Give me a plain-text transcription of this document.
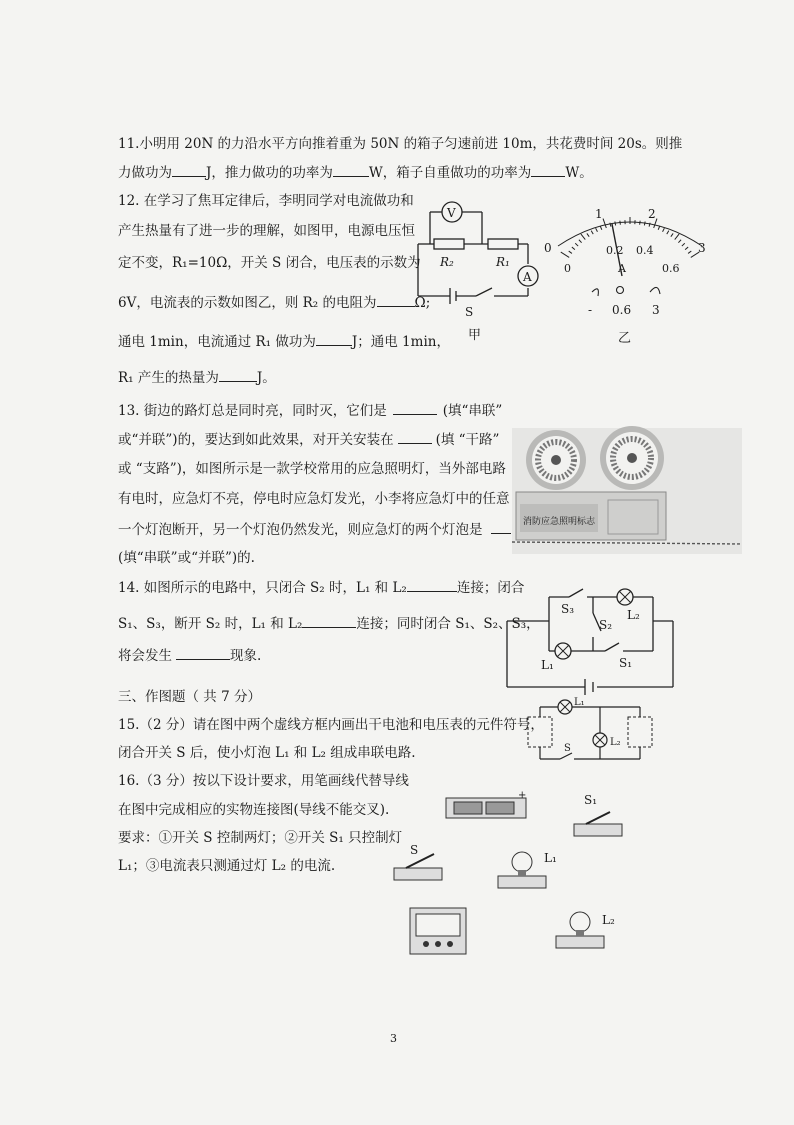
11.小明用 20N 的力沿水平方向推着重为 50N 的箱子匀速前进 10m，共花费时间 20s。则推
力做功为	J，推力做功的功率为	W，箱子自重做功的功率为	W。
12. 在学习了焦耳定律后，李明同学对电流做功和
产生热量有了进一步的理解，如图甲，电源电压恒
定不变，R₁=10Ω，开关 S 闭合，电压表的示数为
6V，电流表的示数如图乙，则 R₂ 的电阻为	Ω;
通电 1min，电流通过 R₁ 做功为	J；通电 1min，
R₁ 产生的热量为	J。
V
A
R₂	R₁
S
甲
1	2
0	3
0
0.2 0.4
0.6
A
- 0.6 3
乙
13. 街边的路灯总是同时亮，同时灭，它们是	(填“串联”
或“并联”)的，要达到如此效果，对开关安装在	(填 “干路”
或 “支路”)，如图所示是一款学校常用的应急照明灯，当外部电路
有电时，应急灯不亮，停电时应急灯发光，小李将应急灯中的任意
一个灯泡断开，另一个灯泡仍然发光，则应急灯的两个灯泡是
(填“串联”或“并联”)的.
消防应急照明标志
14. 如图所示的电路中，只闭合 S₂ 时，L₁ 和 L₂	连接；闭合
S₁、S₃，断开 S₂ 时，L₁ 和 L₂	连接；同时闭合 S₁、S₂、S₃，
将会发生	现象.
S₃
S₂
S₁
L₁
L₂
三、作图题（ 共 7 分）
15.（2 分）请在图中两个虚线方框内画出干电池和电压表的元件符号，
闭合开关 S 后，使小灯泡 L₁ 和 L₂ 组成串联电路.
L₁
L₂
S
16.（3 分）按以下设计要求，用笔画线代替导线
在图中完成相应的实物连接图(导线不能交叉).
要求：①开关 S 控制两灯；②开关 S₁ 只控制灯
L₁；③电流表只测通过灯 L₂ 的电流.
+	S₁
S
L₁
L₂
3
